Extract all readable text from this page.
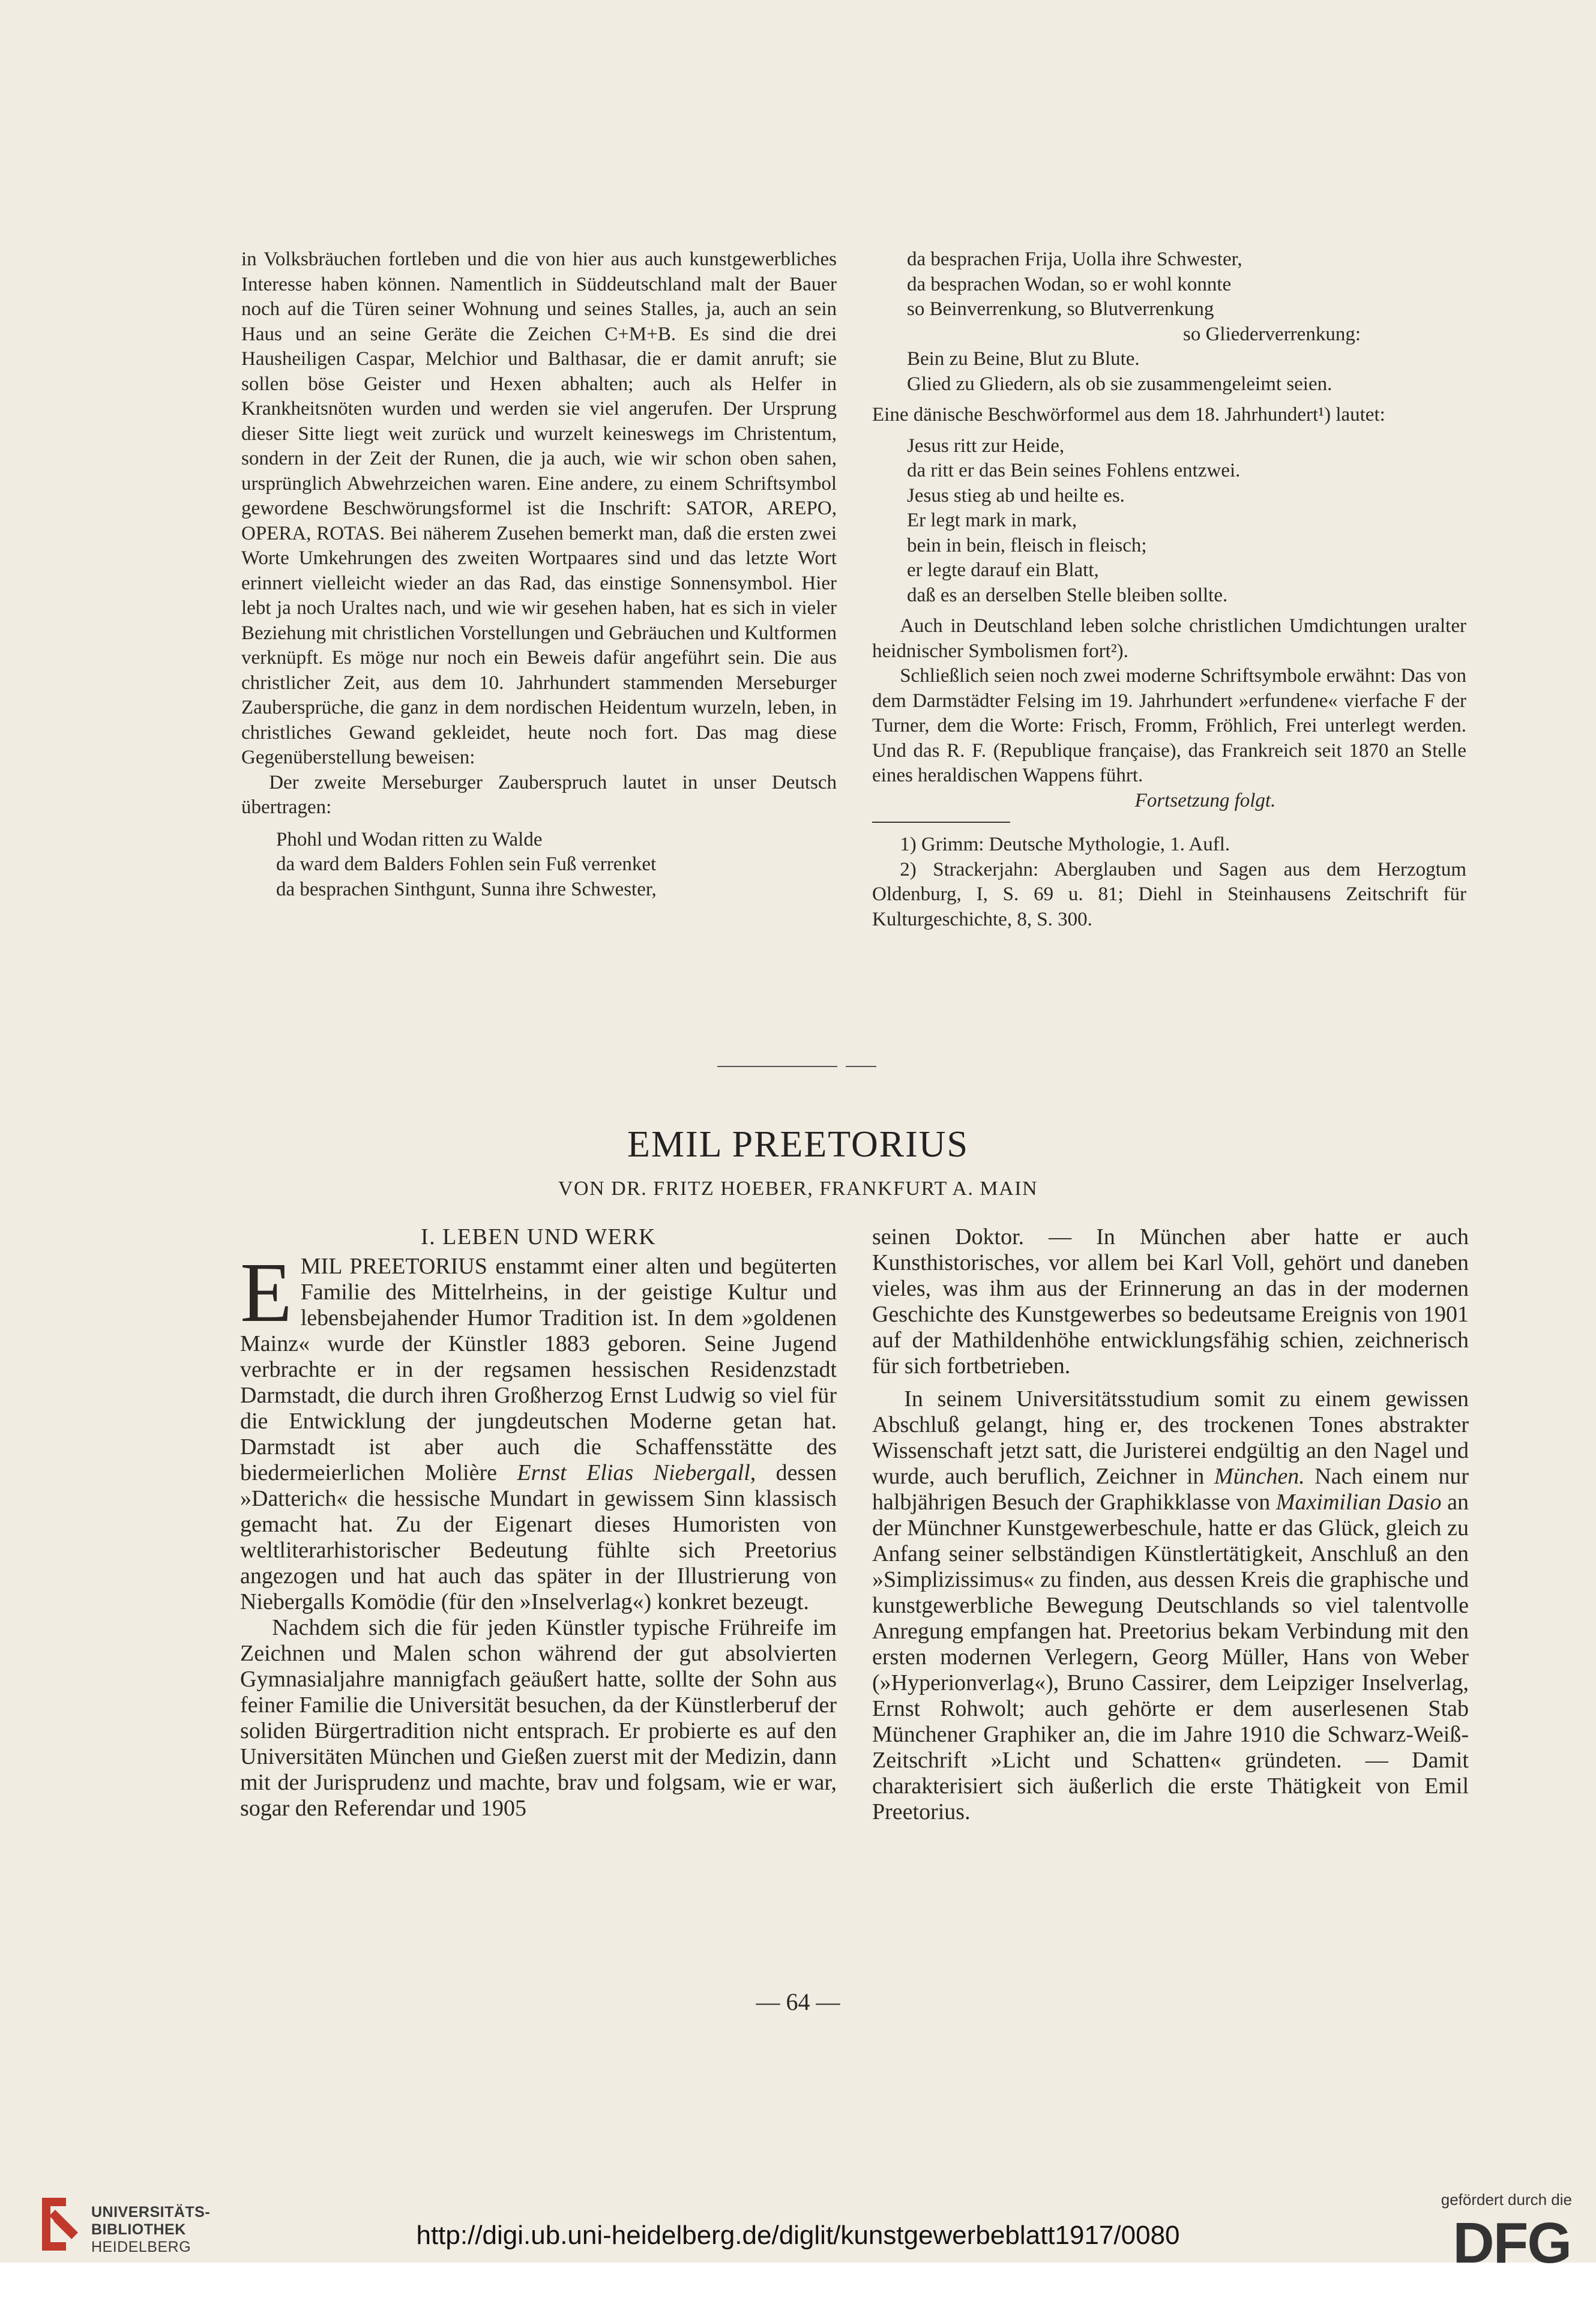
in Volksbräuchen fortleben und die von hier aus auch kunstgewerbliches Interesse haben können. Namentlich in Süddeutschland malt der Bauer noch auf die Türen seiner Wohnung und seines Stalles, ja, auch an sein Haus und an seine Geräte die Zeichen C+M+B. Es sind die drei Hausheiligen Caspar, Melchior und Balthasar, die er damit anruft; sie sollen böse Geister und Hexen abhalten; auch als Helfer in Krankheitsnöten wurden und werden sie viel angerufen. Der Ursprung dieser Sitte liegt weit zurück und wurzelt keineswegs im Christentum, sondern in der Zeit der Runen, die ja auch, wie wir schon oben sahen, ursprünglich Abwehrzeichen waren. Eine andere, zu einem Schriftsymbol gewordene Beschwörungsformel ist die Inschrift: SATOR, AREPO, OPERA, ROTAS. Bei näherem Zusehen bemerkt man, daß die ersten zwei Worte Umkehrungen des zweiten Wortpaares sind und das letzte Wort erinnert vielleicht wieder an das Rad, das einstige Sonnensymbol. Hier lebt ja noch Uraltes nach, und wie wir gesehen haben, hat es sich in vieler Beziehung mit christlichen Vorstellungen und Gebräuchen und Kultformen verknüpft. Es möge nur noch ein Beweis dafür angeführt sein. Die aus christlicher Zeit, aus dem 10. Jahrhundert stammenden Merseburger Zaubersprüche, die ganz in dem nordischen Heidentum wurzeln, leben, in christliches Gewand gekleidet, heute noch fort. Das mag diese Gegenüberstellung beweisen:

Der zweite Merseburger Zauberspruch lautet in unser Deutsch übertragen:

Phohl und Wodan ritten zu Walde
da ward dem Balders Fohlen sein Fuß verrenket
da besprachen Sinthgunt, Sunna ihre Schwester,
da besprachen Frija, Uolla ihre Schwester,
da besprachen Wodan, so er wohl konnte
so Beinverrenkung, so Blutverrenkung
so Gliederverrenkung:
Bein zu Beine, Blut zu Blute.
Glied zu Gliedern, als ob sie zusammengeleimt seien.

Eine dänische Beschwörformel aus dem 18. Jahrhundert¹) lautet:

Jesus ritt zur Heide,
da ritt er das Bein seines Fohlens entzwei.
Jesus stieg ab und heilte es.
Er legt mark in mark,
bein in bein, fleisch in fleisch;
er legte darauf ein Blatt,
daß es an derselben Stelle bleiben sollte.

Auch in Deutschland leben solche christlichen Umdichtungen uralter heidnischer Symbolismen fort²).

Schließlich seien noch zwei moderne Schriftsymbole erwähnt: Das von dem Darmstädter Felsing im 19. Jahrhundert »erfundene« vierfache F der Turner, dem die Worte: Frisch, Fromm, Fröhlich, Frei unterlegt werden. Und das R. F. (Republique française), das Frankreich seit 1870 an Stelle eines heraldischen Wappens führt.

Fortsetzung folgt.

1) Grimm: Deutsche Mythologie, 1. Aufl.

2) Strackerjahn: Aberglauben und Sagen aus dem Herzogtum Oldenburg, I, S. 69 u. 81; Diehl in Steinhausens Zeitschrift für Kulturgeschichte, 8, S. 300.

EMIL PREETORIUS
VON DR. FRITZ HOEBER, FRANKFURT A. MAIN

I. LEBEN UND WERK

EMIL PREETORIUS enstammt einer alten und begüterten Familie des Mittelrheins, in der geistige Kultur und lebensbejahender Humor Tradition ist. In dem »goldenen Mainz« wurde der Künstler 1883 geboren. Seine Jugend verbrachte er in der regsamen hessischen Residenzstadt Darmstadt, die durch ihren Großherzog Ernst Ludwig so viel für die Entwicklung der jungdeutschen Moderne getan hat. Darmstadt ist aber auch die Schaffensstätte des biedermeierlichen Molière Ernst Elias Niebergall, dessen »Datterich« die hessische Mundart in gewissem Sinn klassisch gemacht hat. Zu der Eigenart dieses Humoristen von weltliterarhistorischer Bedeutung fühlte sich Preetorius angezogen und hat auch das später in der Illustrierung von Niebergalls Komödie (für den »Inselverlag«) konkret bezeugt.

Nachdem sich die für jeden Künstler typische Frühreife im Zeichnen und Malen schon während der gut absolvierten Gymnasialjahre mannigfach geäußert hatte, sollte der Sohn aus feiner Familie die Universität besuchen, da der Künstlerberuf der soliden Bürgertradition nicht entsprach. Er probierte es auf den Universitäten München und Gießen zuerst mit der Medizin, dann mit der Jurisprudenz und machte, brav und folgsam, wie er war, sogar den Referendar und 1905

seinen Doktor. — In München aber hatte er auch Kunsthistorisches, vor allem bei Karl Voll, gehört und daneben vieles, was ihm aus der Erinnerung an das in der modernen Geschichte des Kunstgewerbes so bedeutsame Ereignis von 1901 auf der Mathildenhöhe entwicklungsfähig schien, zeichnerisch für sich fortbetrieben.

In seinem Universitätsstudium somit zu einem gewissen Abschluß gelangt, hing er, des trockenen Tones abstrakter Wissenschaft jetzt satt, die Juristerei endgültig an den Nagel und wurde, auch beruflich, Zeichner in München. Nach einem nur halbjährigen Besuch der Graphikklasse von Maximilian Dasio an der Münchner Kunstgewerbeschule, hatte er das Glück, gleich zu Anfang seiner selbständigen Künstlertätigkeit, Anschluß an den »Simplizissimus« zu finden, aus dessen Kreis die graphische und kunstgewerbliche Bewegung Deutschlands so viel talentvolle Anregung empfangen hat. Preetorius bekam Verbindung mit den ersten modernen Verlegern, Georg Müller, Hans von Weber (»Hyperionverlag«), Bruno Cassirer, dem Leipziger Inselverlag, Ernst Rohwolt; auch gehörte er dem auserlesenen Stab Münchener Graphiker an, die im Jahre 1910 die Schwarz-Weiß-Zeitschrift »Licht und Schatten« gründeten. — Damit charakterisiert sich äußerlich die erste Thätigkeit von Emil Preetorius.

— 64 —
UNIVERSITÄTS-
BIBLIOTHEK
HEIDELBERG	http://digi.ub.uni-heidelberg.de/diglit/kunstgewerbeblatt1917/0080
gefördert durch die
DFG
